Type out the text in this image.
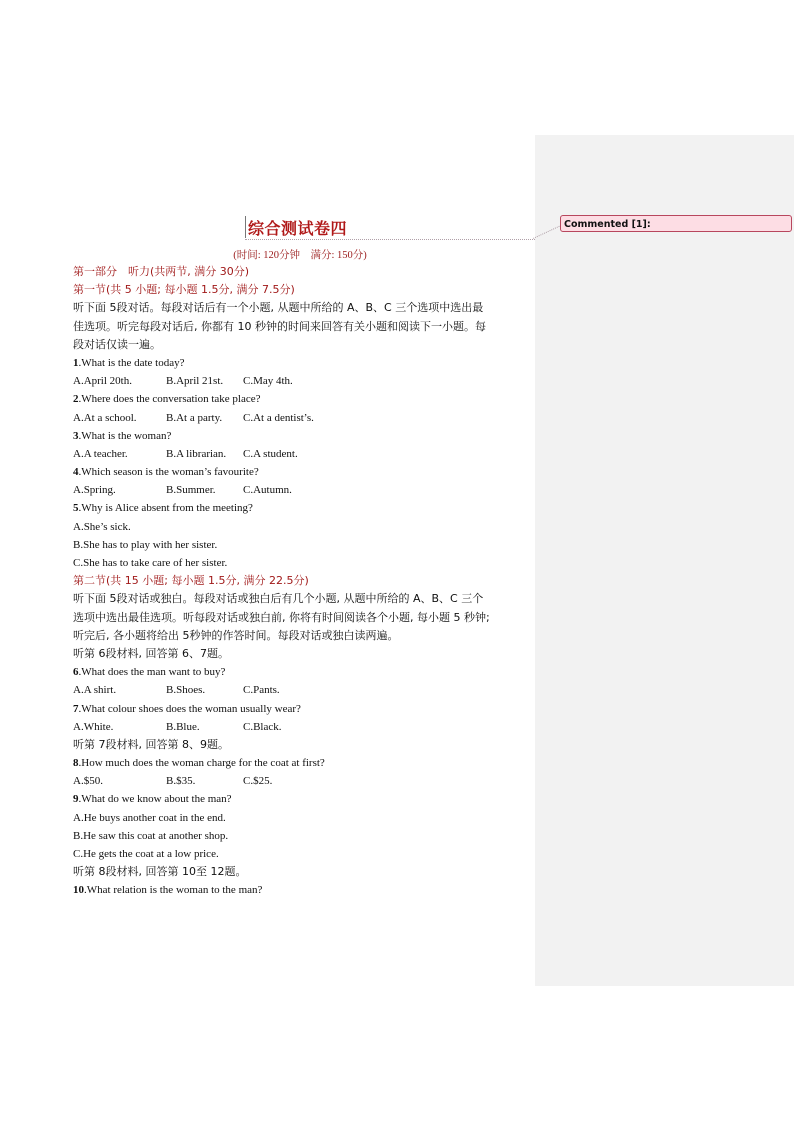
Commented [1]:
综合测试卷四
(时间: 120分钟　满分: 150分)
第一部分　听力(共两节, 满分 30分)
第一节(共 5 小题; 每小题 1.5分, 满分 7.5分)
听下面 5段对话。每段对话后有一个小题, 从题中所给的 A、B、C 三个选项中选出最
佳选项。听完每段对话后, 你都有 10 秒钟的时间来回答有关小题和阅读下一小题。每
段对话仅读一遍。
1.What is the date today?
A.April 20th.	B.April 21st. C.May 4th.
2.Where does the conversation take place?
A.At a school.	B.At a party. C.At a dentist’s.
3.What is the woman?
A.A teacher.	B.A librarian. C.A student.
4.Which season is the woman’s favourite?
A.Spring.	B.Summer. C.Autumn.
5.Why is Alice absent from the meeting?
A.She’s sick.
B.She has to play with her sister.
C.She has to take care of her sister.
第二节(共 15 小题; 每小题 1.5分, 满分 22.5分)
听下面 5段对话或独白。每段对话或独白后有几个小题, 从题中所给的 A、B、C 三个
选项中选出最佳选项。听每段对话或独白前, 你将有时间阅读各个小题, 每小题 5 秒钟;
听完后, 各小题将给出 5秒钟的作答时间。每段对话或独白读两遍。
听第 6段材料, 回答第 6、7题。
6.What does the man want to buy?
A.A shirt.	B.Shoes.	C.Pants.
7.What colour shoes does the woman usually wear?
A.White.	B.Blue.	C.Black.
听第 7段材料, 回答第 8、9题。
8.How much does the woman charge for the coat at first?
A.$50.	B.$35.	C.$25.
9.What do we know about the man?
A.He buys another coat in the end.
B.He saw this coat at another shop.
C.He gets the coat at a low price.
听第 8段材料, 回答第 10至 12题。
10.What relation is the woman to the man?
